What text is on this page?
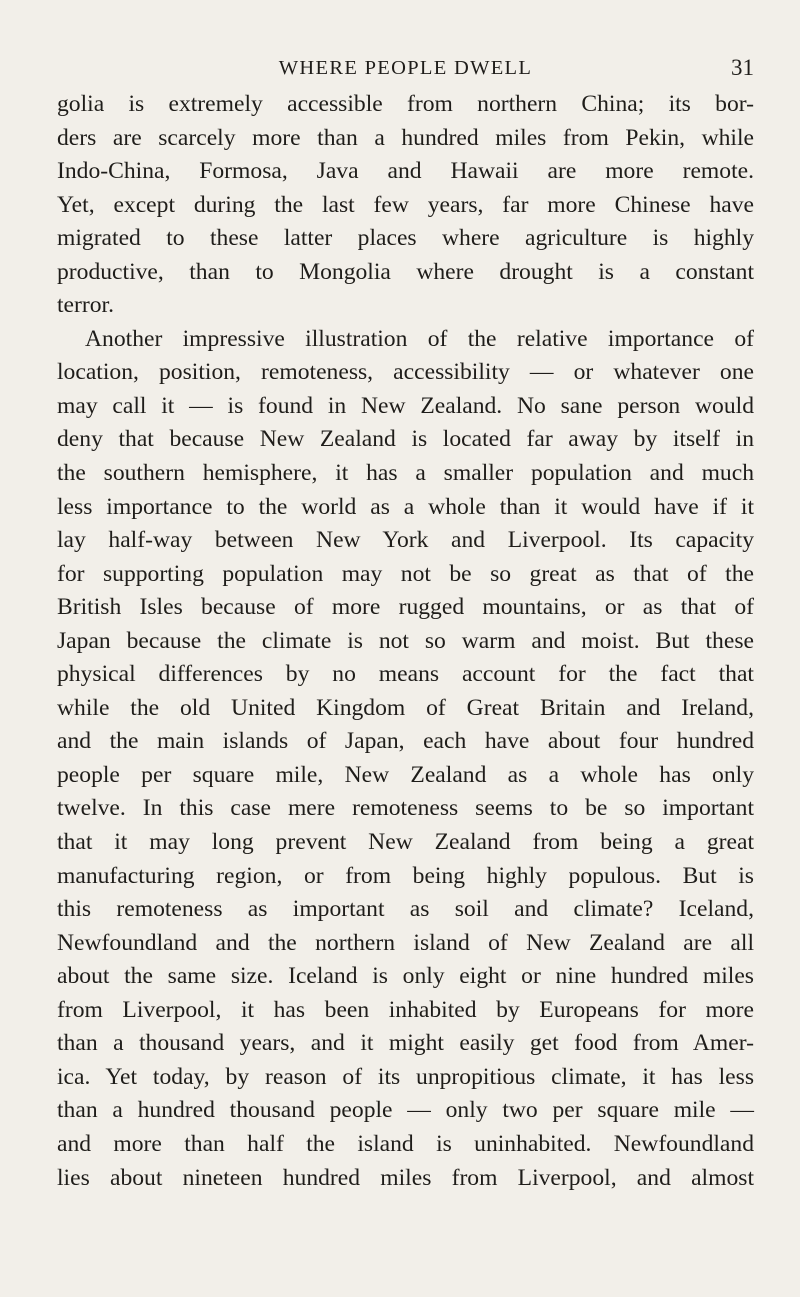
WHERE PEOPLE DWELL	31
golia is extremely accessible from northern China; its bor-
ders are scarcely more than a hundred miles from Pekin, while
Indo-China, Formosa, Java and Hawaii are more remote.
Yet, except during the last few years, far more Chinese have
migrated to these latter places where agriculture is highly
productive, than to Mongolia where drought is a constant
terror.
Another impressive illustration of the relative importance of
location, position, remoteness, accessibility — or whatever one
may call it — is found in New Zealand. No sane person would
deny that because New Zealand is located far away by itself in
the southern hemisphere, it has a smaller population and much
less importance to the world as a whole than it would have if it
lay half-way between New York and Liverpool. Its capacity
for supporting population may not be so great as that of the
British Isles because of more rugged mountains, or as that of
Japan because the climate is not so warm and moist. But these
physical differences by no means account for the fact that
while the old United Kingdom of Great Britain and Ireland,
and the main islands of Japan, each have about four hundred
people per square mile, New Zealand as a whole has only
twelve. In this case mere remoteness seems to be so important
that it may long prevent New Zealand from being a great
manufacturing region, or from being highly populous. But is
this remoteness as important as soil and climate? Iceland,
Newfoundland and the northern island of New Zealand are all
about the same size. Iceland is only eight or nine hundred miles
from Liverpool, it has been inhabited by Europeans for more
than a thousand years, and it might easily get food from Amer-
ica. Yet today, by reason of its unpropitious climate, it has less
than a hundred thousand people — only two per square mile —
and more than half the island is uninhabited. Newfoundland
lies about nineteen hundred miles from Liverpool, and almost
